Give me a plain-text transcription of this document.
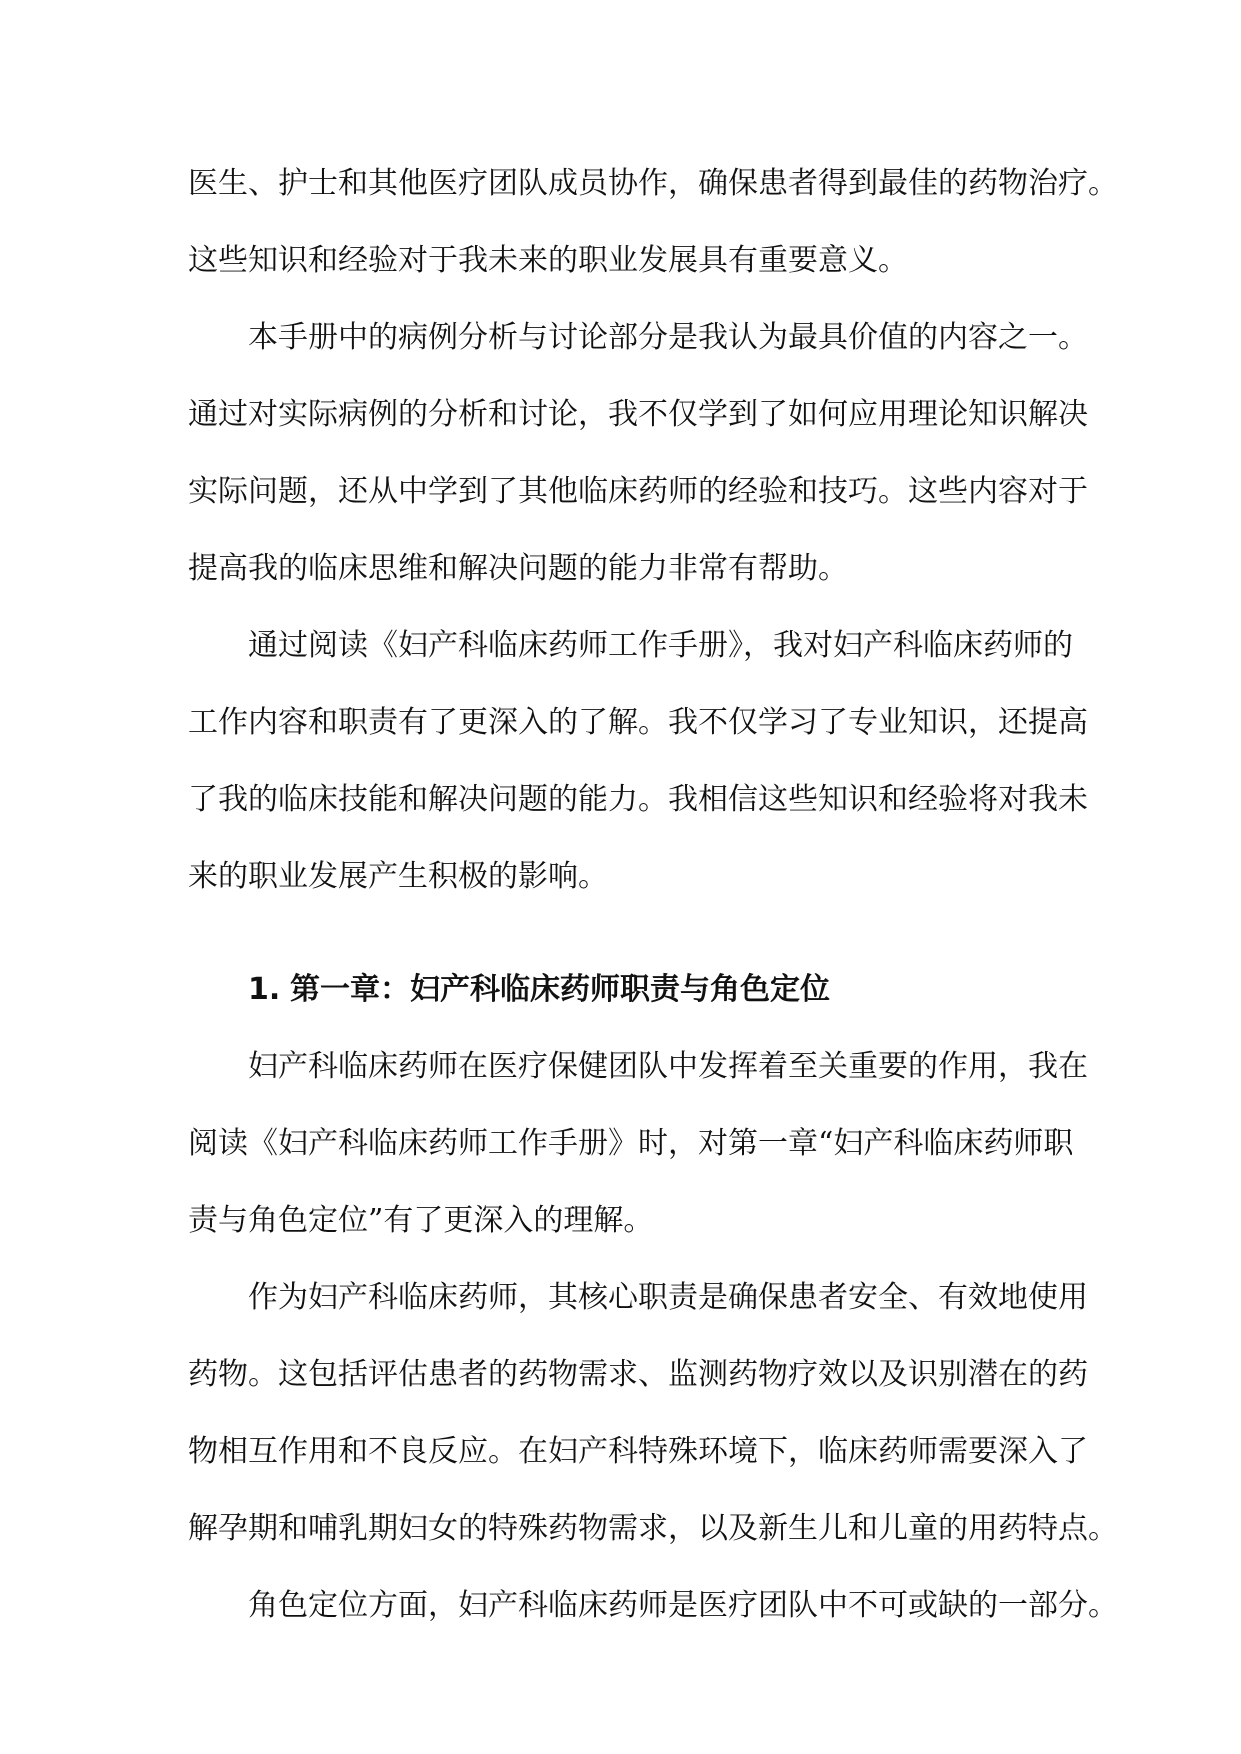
医生、护士和其他医疗团队成员协作，确保患者得到最佳的药物治疗。
这些知识和经验对于我未来的职业发展具有重要意义。
本手册中的病例分析与讨论部分是我认为最具价值的内容之一。
通过对实际病例的分析和讨论，我不仅学到了如何应用理论知识解决
实际问题，还从中学到了其他临床药师的经验和技巧。这些内容对于
提高我的临床思维和解决问题的能力非常有帮助。
通过阅读《妇产科临床药师工作手册》，我对妇产科临床药师的
工作内容和职责有了更深入的了解。我不仅学习了专业知识，还提高
了我的临床技能和解决问题的能力。我相信这些知识和经验将对我未
来的职业发展产生积极的影响。
1. 第一章：妇产科临床药师职责与角色定位
妇产科临床药师在医疗保健团队中发挥着至关重要的作用，我在
阅读《妇产科临床药师工作手册》时，对第一章“妇产科临床药师职
责与角色定位”有了更深入的理解。
作为妇产科临床药师，其核心职责是确保患者安全、有效地使用
药物。这包括评估患者的药物需求、监测药物疗效以及识别潜在的药
物相互作用和不良反应。在妇产科特殊环境下，临床药师需要深入了
解孕期和哺乳期妇女的特殊药物需求，以及新生儿和儿童的用药特点。
角色定位方面，妇产科临床药师是医疗团队中不可或缺的一部分。
